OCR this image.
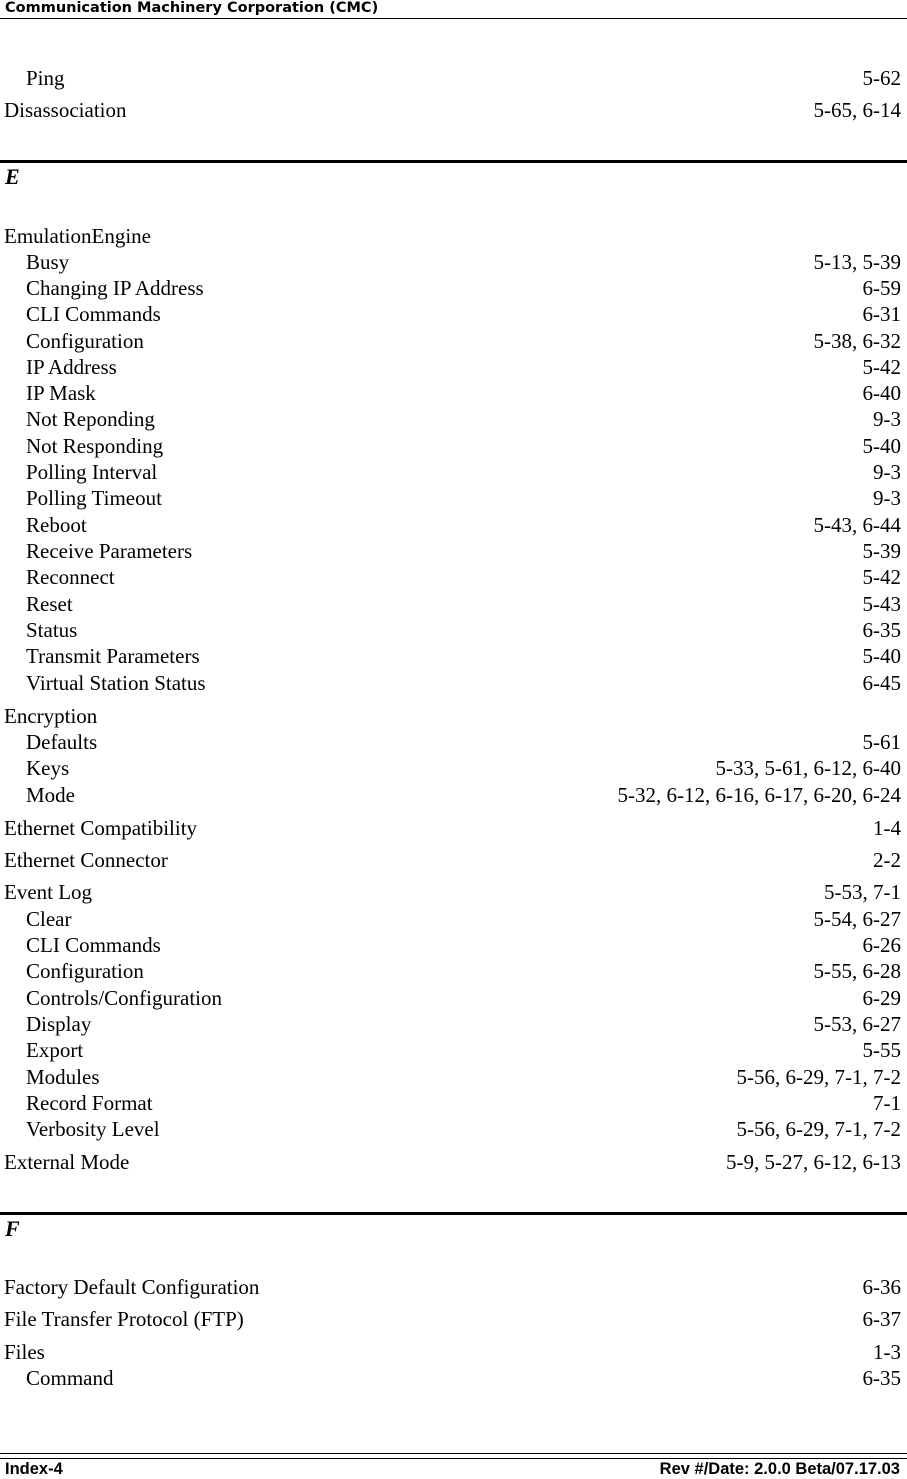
Communication Machinery Corporation (CMC)
Ping	5-62
Disassociation	5-65, 6-14
E
EmulationEngine
Busy	5-13, 5-39
Changing IP Address	6-59
CLI Commands	6-31
Configuration	5-38, 6-32
IP Address	5-42
IP Mask	6-40
Not Reponding	9-3
Not Responding	5-40
Polling Interval	9-3
Polling Timeout	9-3
Reboot	5-43, 6-44
Receive Parameters	5-39
Reconnect	5-42
Reset	5-43
Status	6-35
Transmit Parameters	5-40
Virtual Station Status	6-45
Encryption
Defaults	5-61
Keys	5-33, 5-61, 6-12, 6-40
Mode	5-32, 6-12, 6-16, 6-17, 6-20, 6-24
Ethernet Compatibility	1-4
Ethernet Connector	2-2
Event Log	5-53, 7-1
Clear	5-54, 6-27
CLI Commands	6-26
Configuration	5-55, 6-28
Controls/Configuration	6-29
Display	5-53, 6-27
Export	5-55
Modules	5-56, 6-29, 7-1, 7-2
Record Format	7-1
Verbosity Level	5-56, 6-29, 7-1, 7-2
External Mode	5-9, 5-27, 6-12, 6-13
F
Factory Default Configuration	6-36
File Transfer Protocol (FTP)	6-37
Files	1-3
Command	6-35
Index-4	Rev #/Date: 2.0.0 Beta/07.17.03
